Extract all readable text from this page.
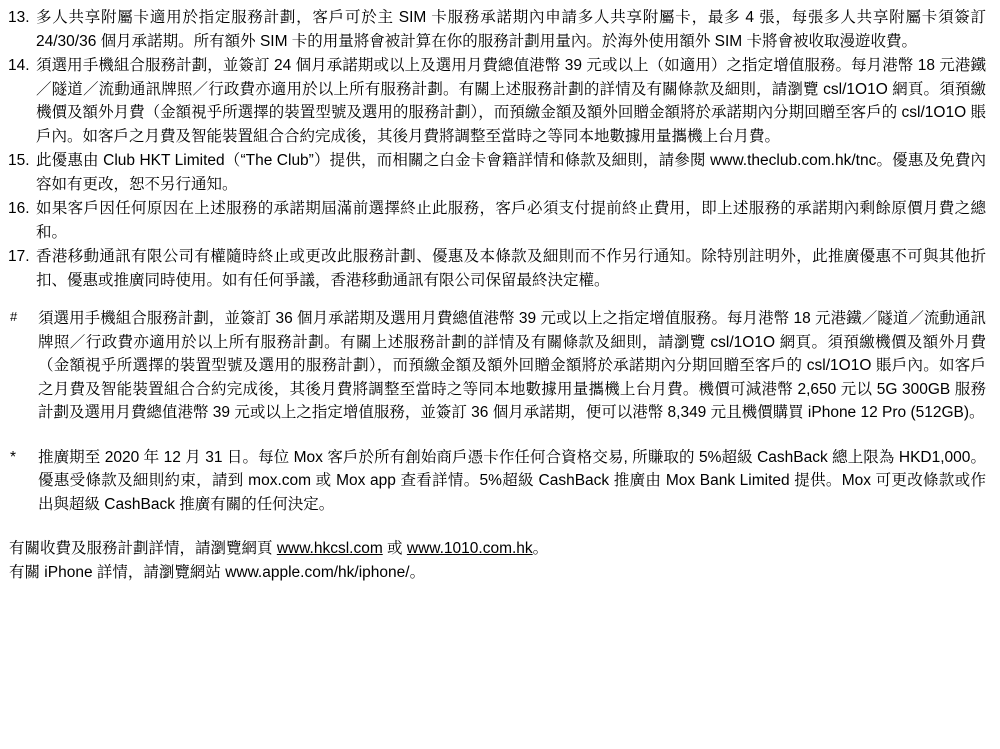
13. 多人共享附屬卡適用於指定服務計劃，客戶可於主 SIM 卡服務承諾期內申請多人共享附屬卡，最多 4 張，每張多人共享附屬卡須簽訂 24/30/36 個月承諾期。所有額外 SIM 卡的用量將會被計算在你的服務計劃用量內。於海外使用額外 SIM 卡將會被收取漫遊收費。
14. 須選用手機組合服務計劃，並簽訂 24 個月承諾期或以上及選用月費總值港幣 39 元或以上（如適用）之指定增值服務。每月港幣 18 元港鐵／隧道／流動通訊牌照／行政費亦適用於以上所有服務計劃。有關上述服務計劃的詳情及有關條款及細則，請瀏覽 csl/1O1O 網頁。須預繳機價及額外月費（金額視乎所選擇的裝置型號及選用的服務計劃），而預繳金額及額外回贈金額將於承諾期內分期回贈至客戶的 csl/1O1O 賬戶內。如客戶之月費及智能裝置組合合約完成後，其後月費將調整至當時之等同本地數據用量攜機上台月費。
15. 此優惠由 Club HKT Limited（“The Club”）提供，而相關之白金卡會籍詳情和條款及細則，請參閱 www.theclub.com.hk/tnc。優惠及免費內容如有更改，恕不另行通知。
16. 如果客戶因任何原因在上述服務的承諾期屆滿前選擇終止此服務，客戶必須支付提前終止費用，即上述服務的承諾期內剩餘原價月費之總和。
17. 香港移動通訊有限公司有權隨時終止或更改此服務計劃、優惠及本條款及細則而不作另行通知。除特別註明外，此推廣優惠不可與其他折扣、優惠或推廣同時使用。如有任何爭議，香港移動通訊有限公司保留最終決定權。
#	須選用手機組合服務計劃，並簽訂 36 個月承諾期及選用月費總值港幣 39 元或以上之指定增值服務。每月港幣 18 元港鐵／隧道／流動通訊牌照／行政費亦適用於以上所有服務計劃。有關上述服務計劃的詳情及有關條款及細則，請瀏覽 csl/1O1O 網頁。須預繳機價及額外月費（金額視乎所選擇的裝置型號及選用的服務計劃），而預繳金額及額外回贈金額將於承諾期內分期回贈至客戶的 csl/1O1O 賬戶內。如客戶之月費及智能裝置組合合約完成後，其後月費將調整至當時之等同本地數據用量攜機上台月費。機價可減港幣 2,650 元以 5G 300GB 服務計劃及選用月費總值港幣 39 元或以上之指定增值服務，並簽訂 36 個月承諾期，便可以港幣 8,349 元且機價購買 iPhone 12 Pro (512GB)。
*	推廣期至 2020 年 12 月 31 日。每位 Mox 客戶於所有創始商戶憑卡作任何合資格交易, 所賺取的 5%超級 CashBack 總上限為 HKD1,000。優惠受條款及細則約束，請到 mox.com 或 Mox app 查看詳情。5%超級 CashBack 推廣由 Mox Bank Limited 提供。Mox 可更改條款或作出與超級 CashBack 推廣有關的任何決定。
有關收費及服務計劃詳情，請瀏覽網頁 www.hkcsl.com 或 www.1010.com.hk。
有關 iPhone 詳情，請瀏覽網站 www.apple.com/hk/iphone/。
